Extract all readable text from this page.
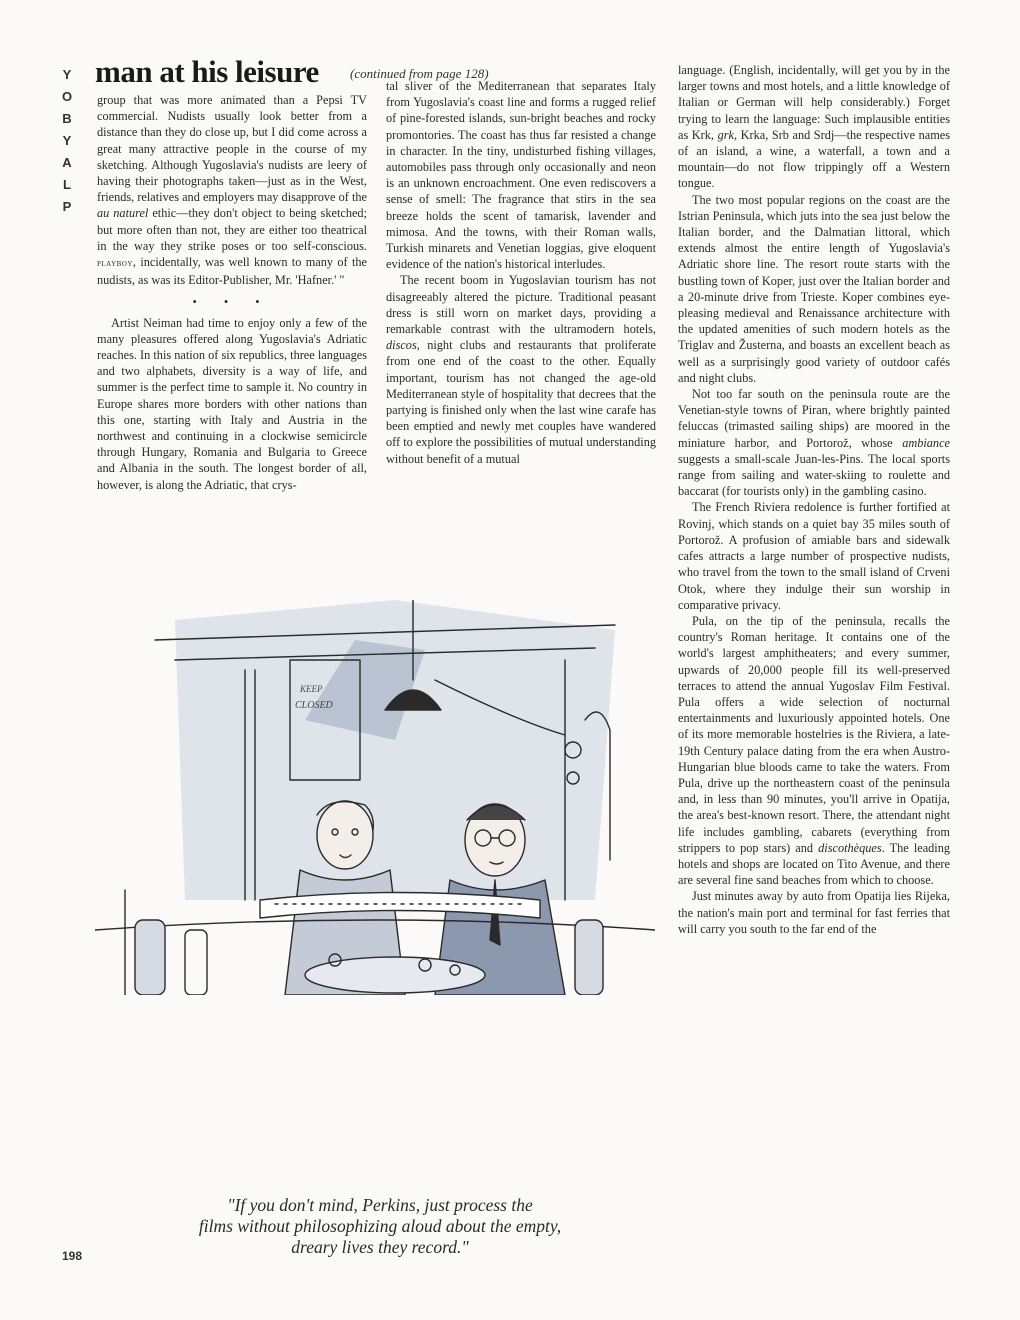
Y
O
B
Y
A
L
P
man at his leisure (continued from page 128)

group that was more animated than a Pepsi TV commercial. Nudists usually look better from a distance than they do close up, but I did come across a great many attractive people in the course of my sketching. Although Yugoslavia's nudists are leery of having their photographs taken—just as in the West, friends, relatives and employers may disapprove of the au naturel ethic—they don't object to being sketched; but more often than not, they are either too theatrical in the way they strike poses or too self-conscious. playboy, incidentally, was well known to many of the nudists, as was its Editor-Publisher, Mr. 'Hafner.' "

• • •

Artist Neiman had time to enjoy only a few of the many pleasures offered along Yugoslavia's Adriatic reaches. In this nation of six republics, three languages and two alphabets, diversity is a way of life, and summer is the perfect time to sample it. No country in Europe shares more borders with other nations than this one, starting with Italy and Austria in the northwest and continuing in a clockwise semicircle through Hungary, Romania and Bulgaria to Greece and Albania in the south. The longest border of all, however, is along the Adriatic, that crys-

tal sliver of the Mediterranean that separates Italy from Yugoslavia's coast line and forms a rugged relief of pine-forested islands, sun-bright beaches and rocky promontories. The coast has thus far resisted a change in character. In the tiny, undisturbed fishing villages, automobiles pass through only occasionally and neon is an unknown encroachment. One even rediscovers a sense of smell: The fragrance that stirs in the sea breeze holds the scent of tamarisk, lavender and mimosa. And the towns, with their Roman walls, Turkish minarets and Venetian loggias, give eloquent evidence of the nation's historical interludes.

The recent boom in Yugoslavian tourism has not disagreeably altered the picture. Traditional peasant dress is still worn on market days, providing a remarkable contrast with the ultramodern hotels, discos, night clubs and restaurants that proliferate from one end of the coast to the other. Equally important, tourism has not changed the age-old Mediterranean style of hospitality that decrees that the partying is finished only when the last wine carafe has been emptied and newly met couples have wandered off to explore the possibilities of mutual understanding without benefit of a mutual

language. (English, incidentally, will get you by in the larger towns and most hotels, and a little knowledge of Italian or German will help considerably.) Forget trying to learn the language: Such implausible entities as Krk, grk, Krka, Srb and Srdj—the respective names of an island, a wine, a waterfall, a town and a mountain—do not flow trippingly off a Western tongue.

The two most popular regions on the coast are the Istrian Peninsula, which juts into the sea just below the Italian border, and the Dalmatian littoral, which extends almost the entire length of Yugoslavia's Adriatic shore line. The resort route starts with the bustling town of Koper, just over the Italian border and a 20-minute drive from Trieste. Koper combines eye-pleasing medieval and Renaissance architecture with the updated amenities of such modern hotels as the Triglav and Žusterna, and boasts an excellent beach as well as a surprisingly good variety of outdoor cafés and night clubs.

Not too far south on the peninsula route are the Venetian-style towns of Piran, where brightly painted feluccas (trimasted sailing ships) are moored in the miniature harbor, and Portorož, whose ambiance suggests a small-scale Juan-les-Pins. The local sports range from sailing and water-skiing to roulette and baccarat (for tourists only) in the gambling casino.

The French Riviera redolence is further fortified at Rovinj, which stands on a quiet bay 35 miles south of Portorož. A profusion of amiable bars and sidewalk cafes attracts a large number of prospective nudists, who travel from the town to the small island of Crveni Otok, where they indulge their sun worship in comparative privacy.

Pula, on the tip of the peninsula, recalls the country's Roman heritage. It contains one of the world's largest amphitheaters; and every summer, upwards of 20,000 people fill its well-preserved terraces to attend the annual Yugoslav Film Festival. Pula offers a wide selection of nocturnal entertainments and luxuriously appointed hotels. One of its more memorable hostelries is the Riviera, a late-19th Century palace dating from the era when Austro-Hungarian blue bloods came to take the waters. From Pula, drive up the northeastern coast of the peninsula and, in less than 90 minutes, you'll arrive in Opatija, the area's best-known resort. There, the attendant night life includes gambling, cabarets (everything from strippers to pop stars) and discothèques. The leading hotels and shops are located on Tito Avenue, and there are several fine sand beaches from which to choose.

Just minutes away by auto from Opatija lies Rijeka, the nation's main port and terminal for fast ferries that will carry you south to the far end of the

KEEP
CLOSED
"If you don't mind, Perkins, just process the
films without philosophizing aloud about the empty,
dreary lives they record."
198
